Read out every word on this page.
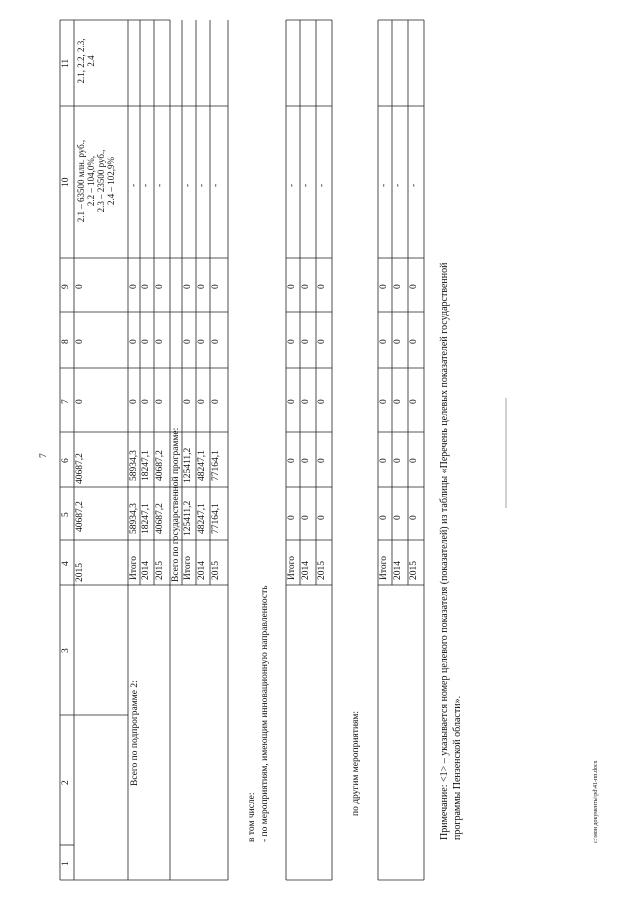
7
1
2
3
4
5
6
7
8
9
10
11
2015
40687,2
40687,2
0
0
0
2.1 – 63500 млн. руб., 2.2 – 104,0%, 2.3 – 23500 руб., 2.4 – 102,9%
2.1, 2.2, 2.3, 2.4
Всего по подпрограмме 2:
Итого
58934,3
58934,3
0
0
0
-
2014
18247,1
18247,1
0
0
0
-
2015
40687,2
40687,2
0
0
0
-
Всего по государственной программе: Итого
125411,2
125411,2
0
0
0
-
2014
48247,1
48247,1
0
0
0
-
2015
77164,1
77164,1
0
0
0
-
в том числе: - по мероприятиям, имеющим инновационную направленность
Итого
0
0
0
0
0
-
2014
0
0
0
0
0
-
2015
0
0
0
0
0
-
по другим мероприятиям:
Итого
0
0
0
0
0
-
2014
0
0
0
0
0
-
2015
0
0
0
0
0
-
Примечание: <1> – указывается номер целевого показателя (показателей) из таблицы «Перечень целевых показателей государственной программы Пензенской области».	c:\мои документы\pd\41-пп.docx
